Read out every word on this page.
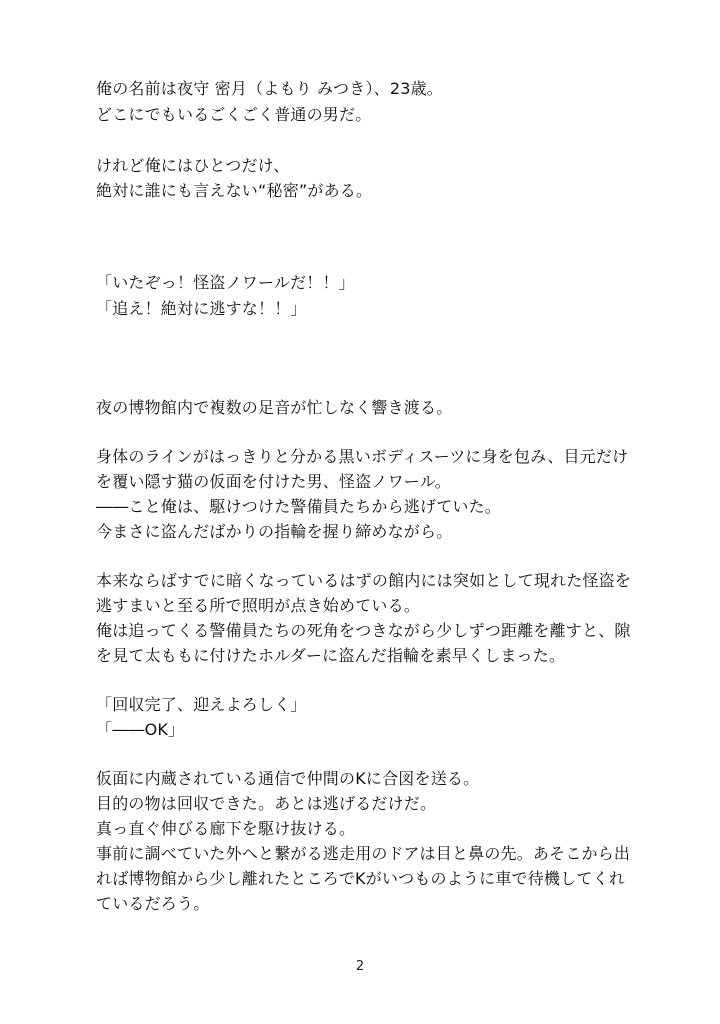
俺の名前は夜守 密月（よもり みつき）、23歳。
どこにでもいるごくごく普通の男だ。
けれど俺にはひとつだけ、
絶対に誰にも言えない“秘密”がある。
「いたぞっ！怪盗ノワールだ！！」
「追え！絶対に逃すな！！」
夜の博物館内で複数の足音が忙しなく響き渡る。
身体のラインがはっきりと分かる黒いボディスーツに身を包み、目元だけ
を覆い隠す猫の仮面を付けた男、怪盗ノワール。
――こと俺は、駆けつけた警備員たちから逃げていた。
今まさに盗んだばかりの指輪を握り締めながら。
本来ならばすでに暗くなっているはずの館内には突如として現れた怪盗を
逃すまいと至る所で照明が点き始めている。
俺は追ってくる警備員たちの死角をつきながら少しずつ距離を離すと、隙
を見て太ももに付けたホルダーに盗んだ指輪を素早くしまった。
「回収完了、迎えよろしく」
「――OK」
仮面に内蔵されている通信で仲間のKに合図を送る。
目的の物は回収できた。あとは逃げるだけだ。
真っ直ぐ伸びる廊下を駆け抜ける。
事前に調べていた外へと繋がる逃走用のドアは目と鼻の先。あそこから出
れば博物館から少し離れたところでKがいつものように車で待機してくれ
ているだろう。
2
